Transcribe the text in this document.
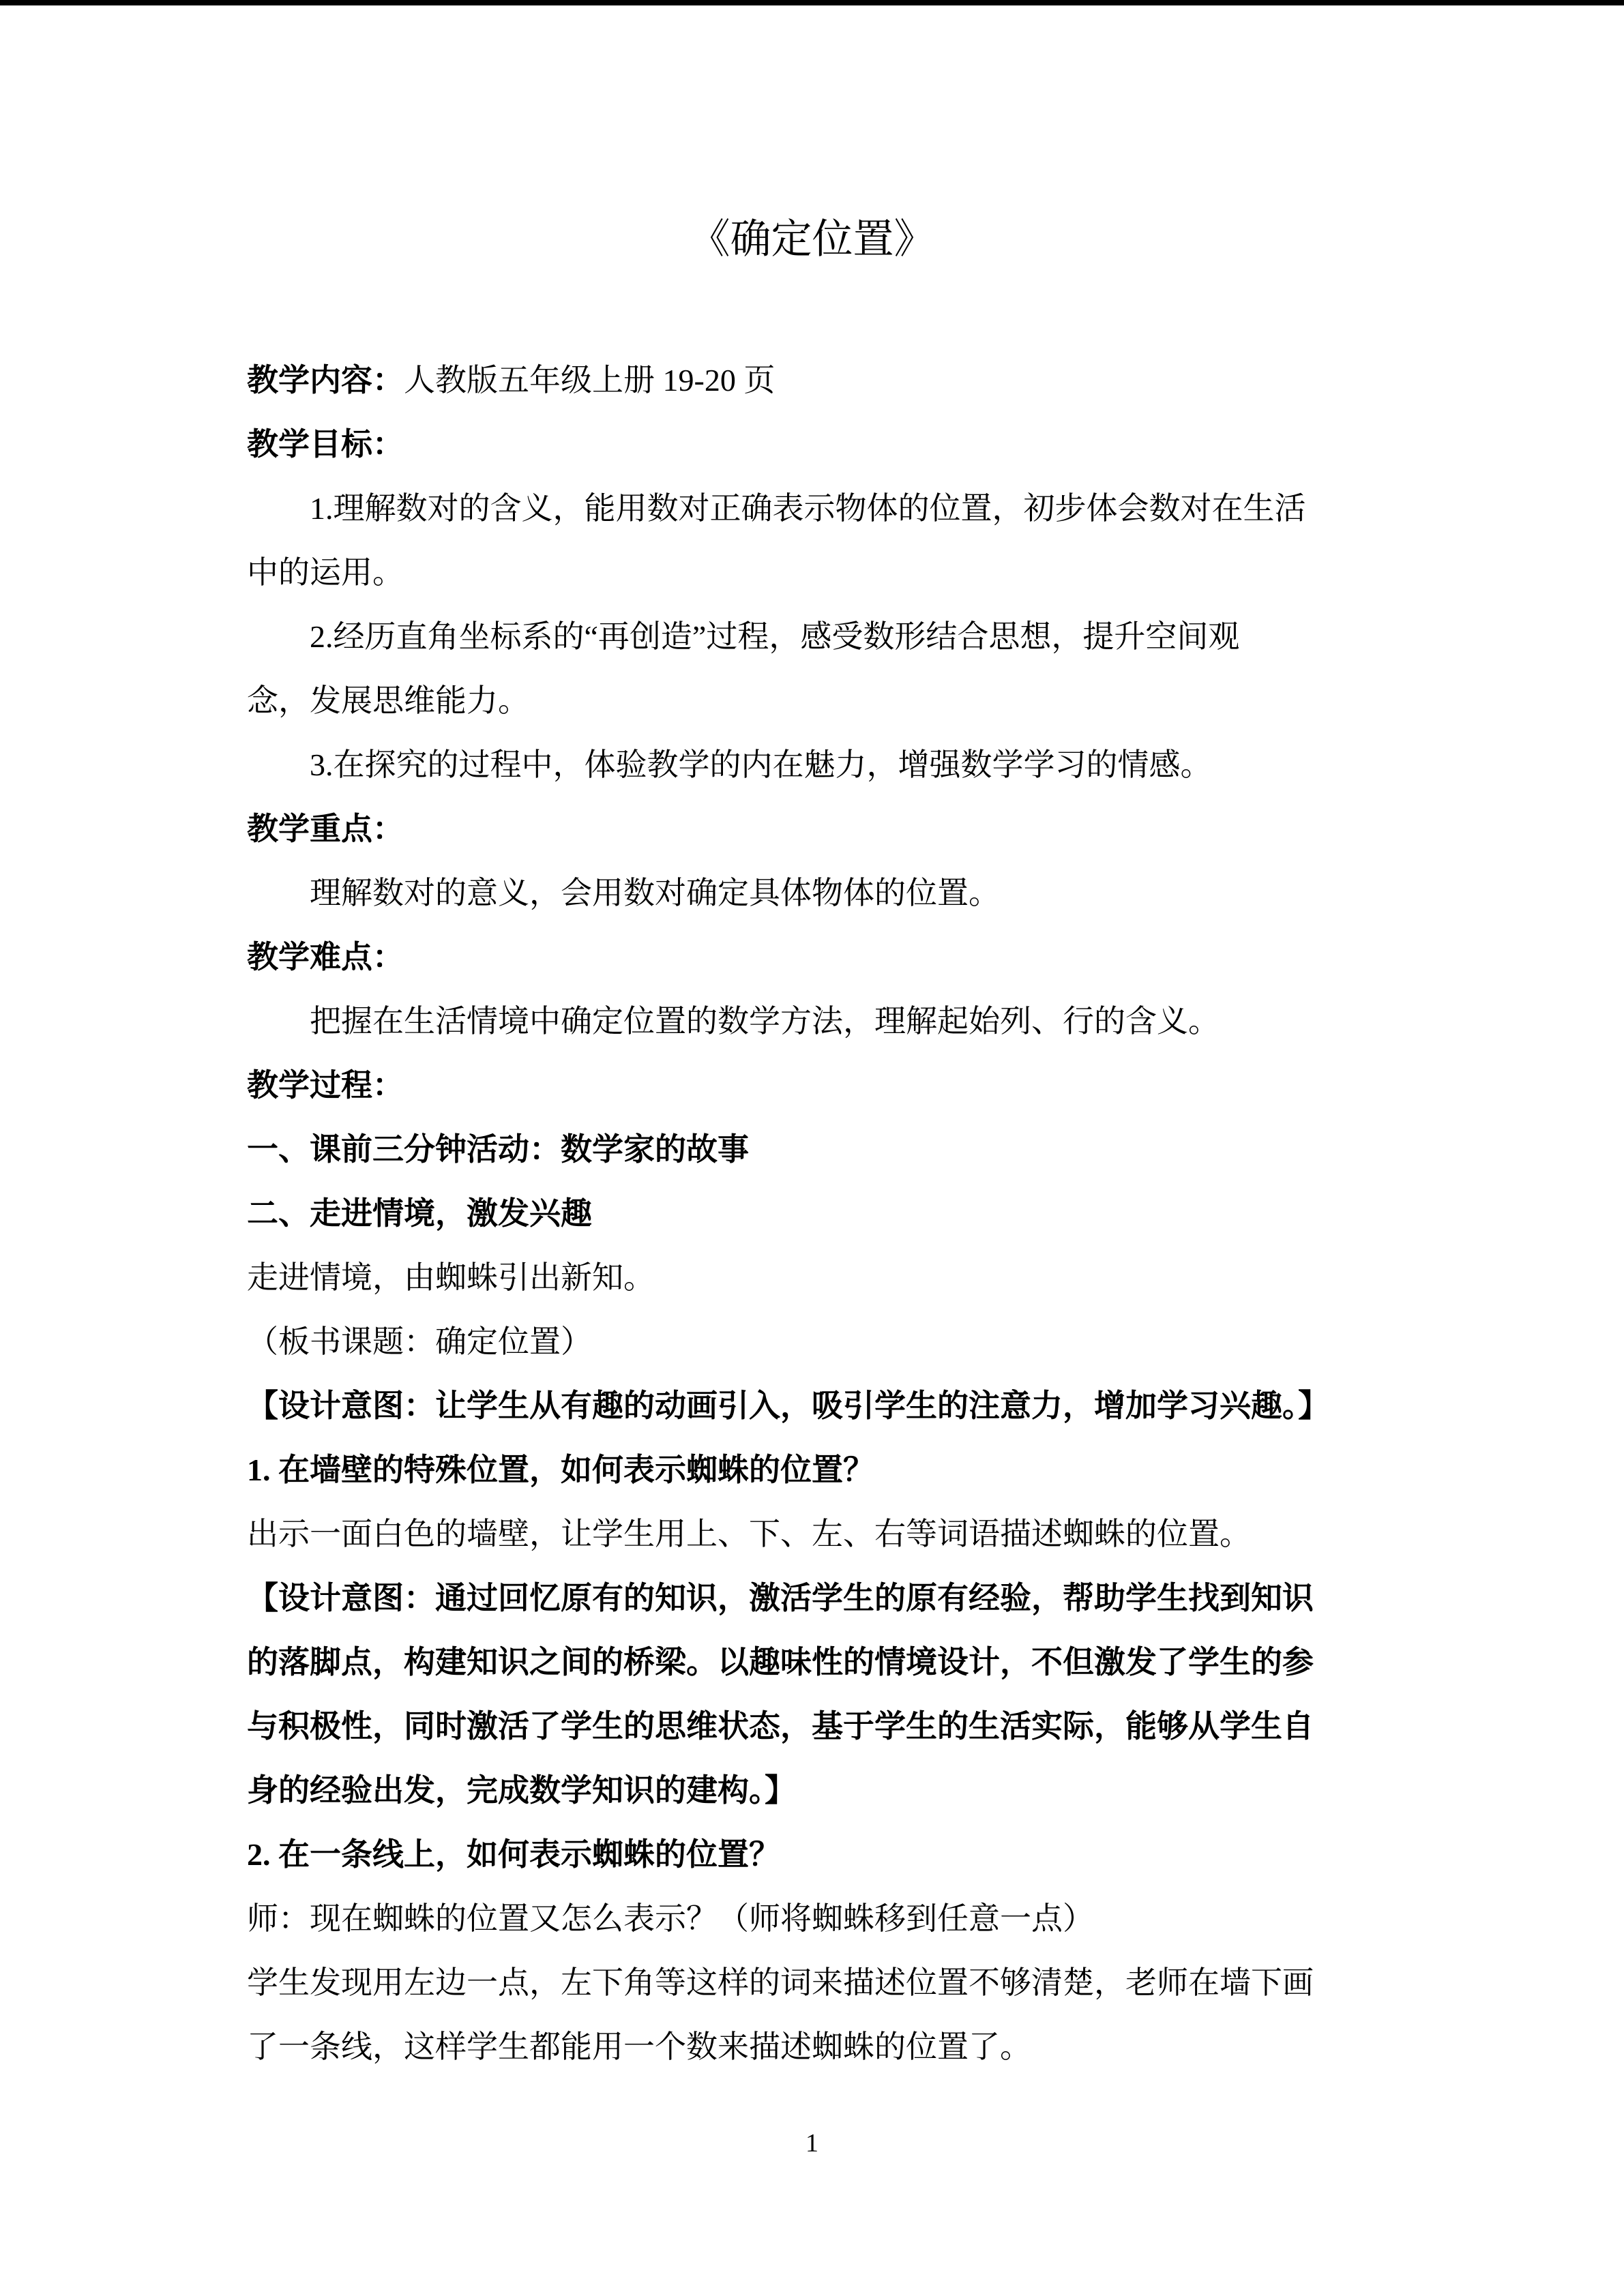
《确定位置》
教学内容：人教版五年级上册 19-20 页
教学目标：
1.理解数对的含义，能用数对正确表示物体的位置，初步体会数对在生活
中的运用。
2.经历直角坐标系的“再创造”过程，感受数形结合思想，提升空间观
念，发展思维能力。
3.在探究的过程中，体验教学的内在魅力，增强数学学习的情感。
教学重点：
理解数对的意义，会用数对确定具体物体的位置。
教学难点：
把握在生活情境中确定位置的数学方法，理解起始列、行的含义。
教学过程：
一、课前三分钟活动：数学家的故事
二、走进情境，激发兴趣
走进情境，由蜘蛛引出新知。
（板书课题：确定位置）
【设计意图：让学生从有趣的动画引入，吸引学生的注意力，增加学习兴趣。】
1. 在墙壁的特殊位置，如何表示蜘蛛的位置？
出示一面白色的墙壁，让学生用上、下、左、右等词语描述蜘蛛的位置。
【设计意图：通过回忆原有的知识，激活学生的原有经验，帮助学生找到知识
的落脚点，构建知识之间的桥梁。以趣味性的情境设计，不但激发了学生的参
与积极性，同时激活了学生的思维状态，基于学生的生活实际，能够从学生自
身的经验出发，完成数学知识的建构。】
2. 在一条线上，如何表示蜘蛛的位置？
师：现在蜘蛛的位置又怎么表示？（师将蜘蛛移到任意一点）
学生发现用左边一点，左下角等这样的词来描述位置不够清楚，老师在墙下画
了一条线，这样学生都能用一个数来描述蜘蛛的位置了。
1
